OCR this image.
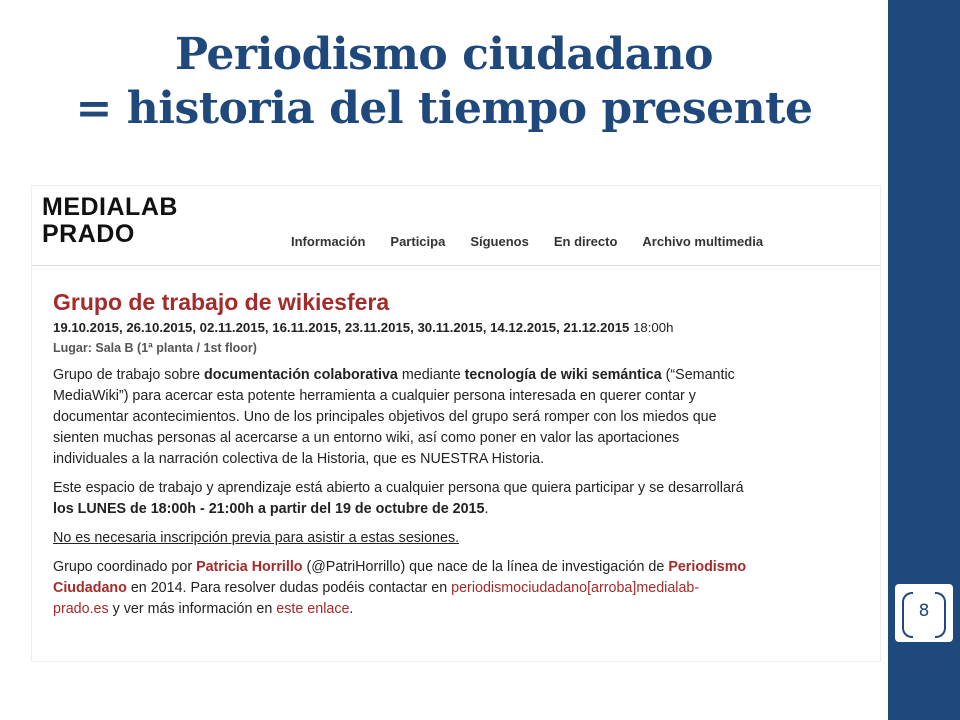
Periodismo ciudadano
= historia del tiempo presente
8
MEDIALAB
PRADO	Información Participa Síguenos En directo Archivo multimedia

Grupo de trabajo de wikiesfera

19.10.2015, 26.10.2015, 02.11.2015, 16.11.2015, 23.11.2015, 30.11.2015, 14.12.2015, 21.12.2015 18:00h

Lugar: Sala B (1ª planta / 1st floor)

Grupo de trabajo sobre documentación colaborativa mediante tecnología de wiki semántica (“Semantic

MediaWiki”) para acercar esta potente herramienta a cualquier persona interesada en querer contar y

documentar acontecimientos. Uno de los principales objetivos del grupo será romper con los miedos que

sienten muchas personas al acercarse a un entorno wiki, así como poner en valor las aportaciones

individuales a la narración colectiva de la Historia, que es NUESTRA Historia.

Este espacio de trabajo y aprendizaje está abierto a cualquier persona que quiera participar y se desarrollará

los LUNES de 18:00h - 21:00h a partir del 19 de octubre de 2015.

No es necesaria inscripción previa para asistir a estas sesiones.

Grupo coordinado por Patricia Horrillo (@PatriHorrillo) que nace de la línea de investigación de Periodismo

Ciudadano en 2014. Para resolver dudas podéis contactar en periodismociudadano[arroba]medialab-

prado.es y ver más información en este enlace.
